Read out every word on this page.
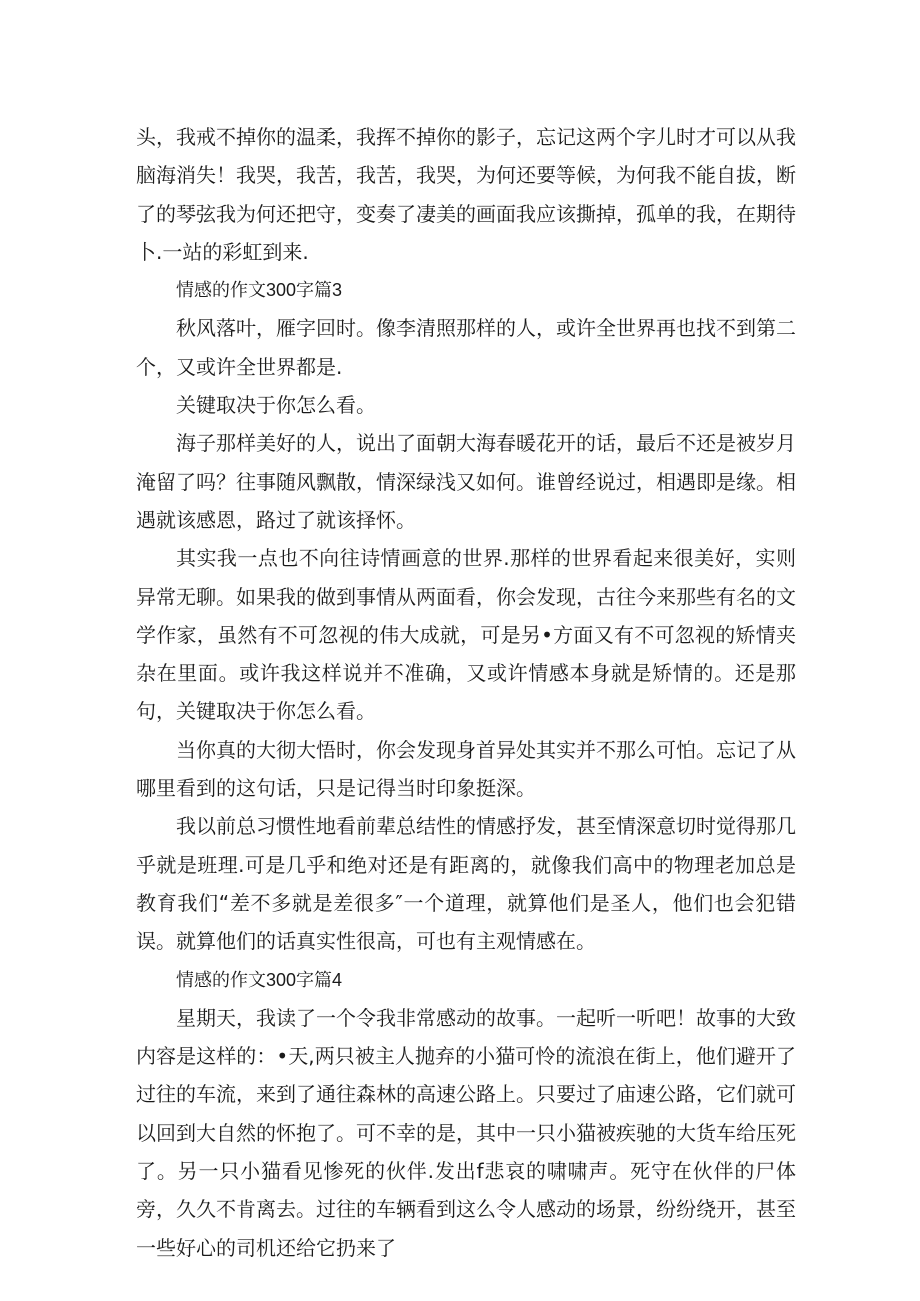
头，我戒不掉你的温柔，我挥不掉你的影子，忘记这两个字儿时才可以从我脑海消失！我哭，我苦，我苦，我哭，为何还要等候，为何我不能自拔，断了的琴弦我为何还把守，变奏了凄美的画面我应该撕掉，孤单的我，在期待卜.一站的彩虹到来.

情感的作文300字篇3

秋风落叶，雁字回时。像李清照那样的人，或许全世界再也找不到第二个，又或许全世界都是.

关键取决于你怎么看。

海子那样美好的人，说出了面朝大海春暖花开的话，最后不还是被岁月淹留了吗？往事随风飘散，情深绿浅又如何。谁曾经说过，相遇即是缘。相遇就该感恩，路过了就该择怀。

其实我一点也不向往诗情画意的世界.那样的世界看起来很美好，实则异常无聊。如果我的做到事情从两面看，你会发现，古往今来那些有名的文学作家，虽然有不可忽视的伟大成就，可是另•方面又有不可忽视的矫情夹杂在里面。或许我这样说并不准确，又或许情感本身就是矫情的。还是那句，关键取决于你怎么看。

当你真的大彻大悟时，你会发现身首异处其实并不那么可怕。忘记了从哪里看到的这句话，只是记得当时印象挺深。

我以前总习惯性地看前辈总结性的情感抒发，甚至情深意切时觉得那几乎就是班理.可是几乎和绝对还是有距离的，就像我们高中的物理老加总是教育我们“差不多就是差很多″一个道理，就算他们是圣人，他们也会犯错误。就算他们的话真实性很高，可也有主观情感在。

情感的作文300字篇4

星期天，我读了一个令我非常感动的故事。一起听一听吧！故事的大致内容是这样的：•天,两只被主人抛弃的小猫可怜的流浪在街上，他们避开了过往的车流，来到了通往森林的高速公路上。只要过了庙速公路，它们就可以回到大自然的怀抱了。可不幸的是，其中一只小猫被疾驰的大货车给压死了。另一只小猫看见惨死的伙伴.发出f悲哀的啸啸声。死守在伙伴的尸体旁，久久不肯离去。过往的车辆看到这么令人感动的场景，纷纷绕开，甚至一些好心的司机还给它扔来了
